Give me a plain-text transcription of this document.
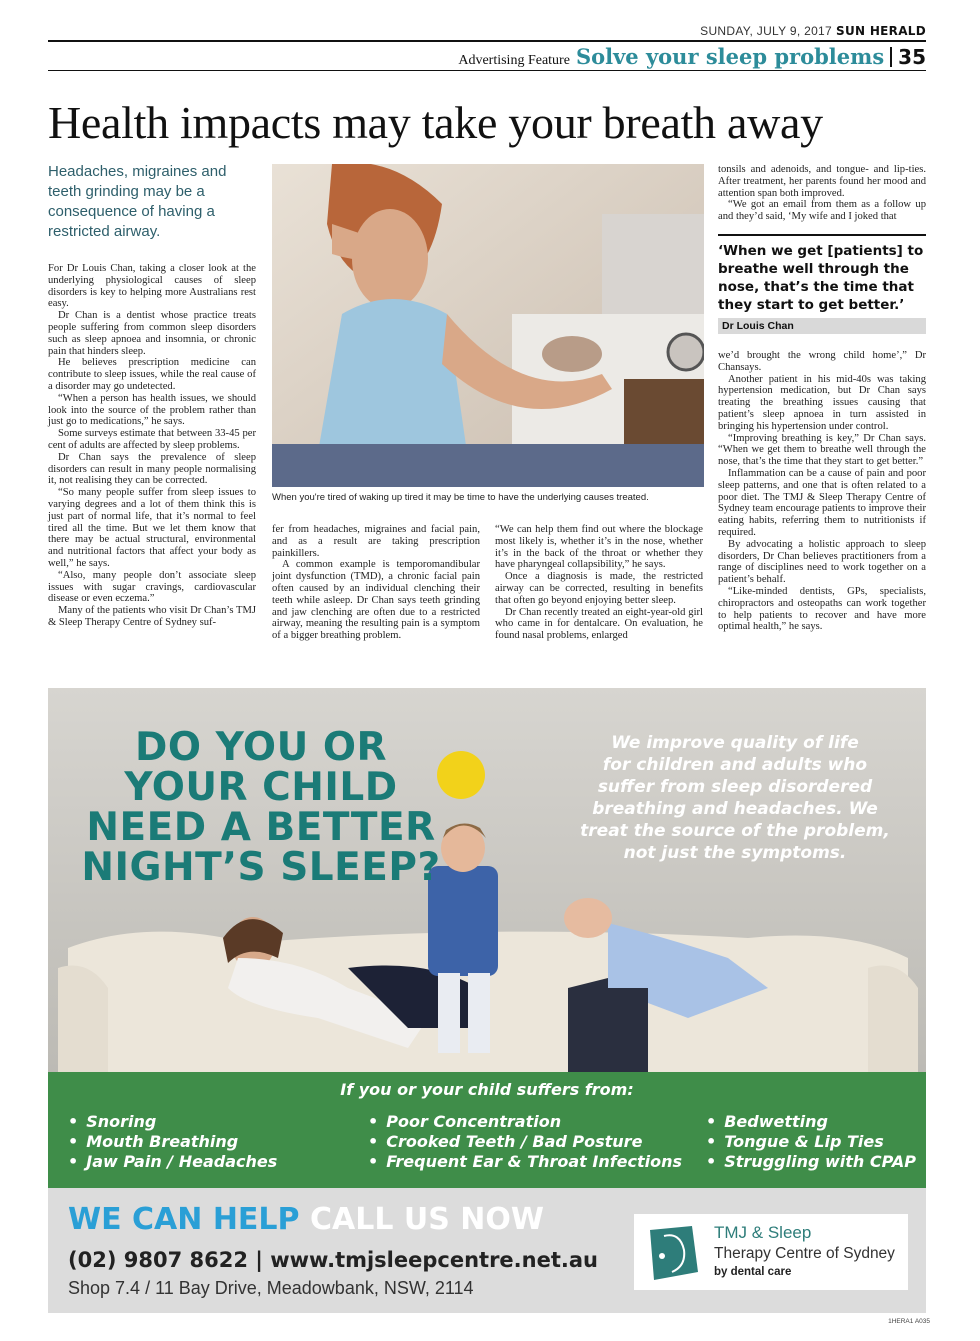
SUNDAY, JULY 9, 2017 SUN HERALD
Advertising Feature Solve your sleep problems 35
Health impacts may take your breath away
Headaches, migraines and teeth grinding may be a consequence of having a restricted airway.

For Dr Louis Chan, taking a closer look at the underlying physiological causes of sleep disorders is key to helping more Australians rest easy.

Dr Chan is a dentist whose practice treats people suffering from common sleep disorders such as sleep apnoea and insomnia, or chronic pain that hinders sleep.

He believes prescription medicine can contribute to sleep issues, while the real cause of a disorder may go undetected.

“When a person has health issues, we should look into the source of the problem rather than just go to medications,” he says.

Some surveys estimate that between 33-45 per cent of adults are affected by sleep problems.

Dr Chan says the prevalence of sleep disorders can result in many people normalising it, not realising they can be corrected.

“So many people suffer from sleep issues to varying degrees and a lot of them think this is just part of normal life, that it’s normal to feel tired all the time. But we let them know that there may be actual structural, environmental and nutritional factors that affect your body as well,” he says.

“Also, many people don’t associate sleep issues with sugar cravings, cardiovascular disease or even eczema.”

Many of the patients who visit Dr Chan’s TMJ & Sleep Therapy Centre of Sydney suf-

When you're tired of waking up tired it may be time to have the underlying causes treated.

fer from headaches, migraines and facial pain, and as a result are taking prescription painkillers.

A common example is temporomandibular joint dysfunction (TMD), a chronic facial pain often caused by an individual clenching their teeth while asleep. Dr Chan says teeth grinding and jaw clenching are often due to a restricted airway, meaning the resulting pain is a symptom of a bigger breathing problem.

“We can help them find out where the blockage most likely is, whether it’s in the nose, whether it’s in the back of the throat or whether they have pharyngeal collapsibility,” he says.

Once a diagnosis is made, the restricted airway can be corrected, resulting in benefits that often go beyond enjoying better sleep.

Dr Chan recently treated an eight-year-old girl who came in for dentalcare. On evaluation, he found nasal problems, enlarged

tonsils and adenoids, and tongue- and lip-ties. After treatment, her parents found her mood and attention span both improved.

“We got an email from them as a follow up and they’d said, ‘My wife and I joked that

‘When we get [patients] to breathe well through the nose, that’s the time that they start to get better.’
Dr Louis Chan

we’d brought the wrong child home’,” Dr Chansays.

Another patient in his mid-40s was taking hypertension medication, but Dr Chan says treating the breathing issues causing that patient’s sleep apnoea in turn assisted in bringing his hypertension under control.

“Improving breathing is key,” Dr Chan says. “When we get them to breathe well through the nose, that’s the time that they start to get better.”

Inflammation can be a cause of pain and poor sleep patterns, and one that is often related to a poor diet. The TMJ & Sleep Therapy Centre of Sydney team encourage patients to improve their eating habits, referring them to nutritionists if required.

By advocating a holistic approach to sleep disorders, Dr Chan believes practitioners from a range of disciplines need to work together on a patient’s behalf.

“Like-minded dentists, GPs, specialists, chiropractors and osteopaths can work together to help patients to recover and have more optimal health,” he says.

DO YOU OR
YOUR CHILD
NEED A BETTER
NIGHT’S SLEEP?
We improve quality of life
for children and adults who
suffer from sleep disordered
breathing and headaches. We
treat the source of the problem,
not just the symptoms.
If you or your child suffers from:
• Snoring
• Mouth Breathing
• Jaw Pain / Headaches
• Poor Concentration
• Crooked Teeth / Bad Posture
• Frequent Ear & Throat Infections
• Bedwetting
• Tongue & Lip Ties
• Struggling with CPAP
WE CAN HELP CALL US NOW
(02) 9807 8622 | www.tmjsleepcentre.net.au
Shop 7.4 / 11 Bay Drive, Meadowbank, NSW, 2114
TMJ & Sleep
Therapy Centre of Sydney
by dental care
1HERA1 A035
